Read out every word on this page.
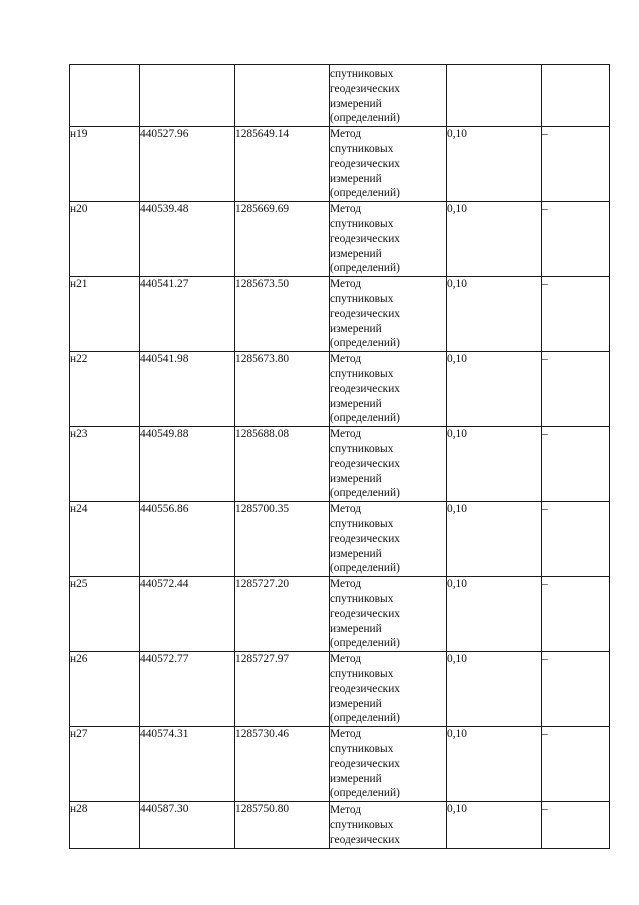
			спутниковых
геодезических
измерений
(определений)		

н19	440527.96	1285649.14	Метод
спутниковых
геодезических
измерений
(определений)	0,10	–
н20	440539.48	1285669.69	Метод
спутниковых
геодезических
измерений
(определений)	0,10	–
н21	440541.27	1285673.50	Метод
спутниковых
геодезических
измерений
(определений)	0,10	–
н22	440541.98	1285673.80	Метод
спутниковых
геодезических
измерений
(определений)	0,10	–
н23	440549.88	1285688.08	Метод
спутниковых
геодезических
измерений
(определений)	0,10	–
н24	440556.86	1285700.35	Метод
спутниковых
геодезических
измерений
(определений)	0,10	–
н25	440572.44	1285727.20	Метод
спутниковых
геодезических
измерений
(определений)	0,10	–
н26	440572.77	1285727.97	Метод
спутниковых
геодезических
измерений
(определений)	0,10	–
н27	440574.31	1285730.46	Метод
спутниковых
геодезических
измерений
(определений)	0,10	–
н28	440587.30	1285750.80	Метод
спутниковых
геодезических	0,10	–
